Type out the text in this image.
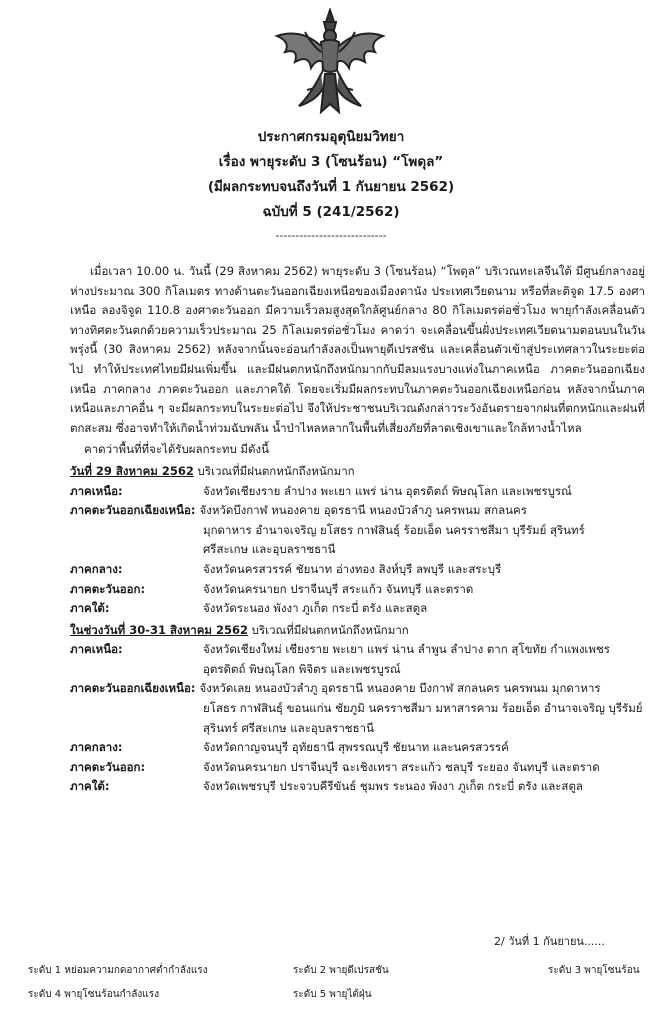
ประกาศกรมอุตุนิยมวิทยา
เรื่อง พายุระดับ 3 (โซนร้อน) “โพดุล”
(มีผลกระทบจนถึงวันที่ 1 กันยายน 2562)
ฉบับที่ 5 (241/2562)
----------------------------

เมื่อเวลา 10.00 น. วันนี้ (29 สิงหาคม 2562) พายุระดับ 3 (โซนร้อน) “โพดุล” บริเวณทะเลจีนใต้ มีศูนย์กลางอยู่ห่างประมาณ 300 กิโลเมตร ทางด้านตะวันออกเฉียงเหนือของเมืองดานัง ประเทศเวียดนาม หรือที่ละติจูด 17.5 องศาเหนือ ลองจิจูด 110.8 องศาตะวันออก มีความเร็วลมสูงสุดใกล้ศูนย์กลาง 80 กิโลเมตรต่อชั่วโมง พายุกำลังเคลื่อนตัวทางทิศตะวันตกด้วยความเร็วประมาณ 25 กิโลเมตรต่อชั่วโมง คาดว่า จะเคลื่อนขึ้นฝั่งประเทศเวียดนามตอนบนในวันพรุ่งนี้ (30 สิงหาคม 2562) หลังจากนั้นจะอ่อนกำลังลงเป็นพายุดีเปรสชัน และเคลื่อนตัวเข้าสู่ประเทศลาวในระยะต่อไป ทำให้ประเทศไทยมีฝนเพิ่มขึ้น และมีฝนตกหนักถึงหนักมากกับมีลมแรงบางแห่งในภาคเหนือ ภาคตะวันออกเฉียงเหนือ ภาคกลาง ภาคตะวันออก และภาคใต้ โดยจะเริ่มมีผลกระทบในภาคตะวันออกเฉียงเหนือก่อน หลังจากนั้นภาคเหนือและภาคอื่น ๆ จะมีผลกระทบในระยะต่อไป จึงให้ประชาชนบริเวณดังกล่าวระวังอันตรายจากฝนที่ตกหนักและฝนที่ตกสะสม ซึ่งอาจทำให้เกิดน้ำท่วมฉับพลัน น้ำป่าไหลหลากในพื้นที่เสี่ยงภัยที่ลาดเชิงเขาและใกล้ทางน้ำไหล

คาดว่าพื้นที่ที่จะได้รับผลกระทบ มีดังนี้
วันที่ 29 สิงหาคม 2562 บริเวณที่มีฝนตกหนักถึงหนักมาก
ภาคเหนือ:	จังหวัดเชียงราย ลำปาง พะเยา แพร่ น่าน อุตรดิตถ์ พิษณุโลก และเพชรบูรณ์
ภาคตะวันออกเฉียงเหนือ: จังหวัดบึงกาฬ หนองคาย อุดรธานี หนองบัวลำภู นครพนม สกลนคร
มุกดาหาร อำนาจเจริญ ยโสธร กาฬสินธุ์ ร้อยเอ็ด นครราชสีมา บุรีรัมย์ สุรินทร์
ศรีสะเกษ และอุบลราชธานี
ภาคกลาง:	จังหวัดนครสวรรค์ ชัยนาท อ่างทอง สิงห์บุรี ลพบุรี และสระบุรี
ภาคตะวันออก:	จังหวัดนครนายก ปราจีนบุรี สระแก้ว จันทบุรี และตราด
ภาคใต้:	จังหวัดระนอง พังงา ภูเก็ต กระบี่ ตรัง และสตูล
ในช่วงวันที่ 30-31 สิงหาคม 2562 บริเวณที่มีฝนตกหนักถึงหนักมาก
ภาคเหนือ:	จังหวัดเชียงใหม่ เชียงราย พะเยา แพร่ น่าน ลำพูน ลำปาง ตาก สุโขทัย กำแพงเพชร
อุตรดิตถ์ พิษณุโลก พิจิตร และเพชรบูรณ์
ภาคตะวันออกเฉียงเหนือ: จังหวัดเลย หนองบัวลำภู อุดรธานี หนองคาย บึงกาฬ สกลนคร นครพนม มุกดาหาร
ยโสธร กาฬสินธุ์ ขอนแก่น ชัยภูมิ นครราชสีมา มหาสารคาม ร้อยเอ็ด อำนาจเจริญ บุรีรัมย์
สุรินทร์ ศรีสะเกษ และอุบลราชธานี
ภาคกลาง:	จังหวัดกาญจนบุรี อุทัยธานี สุพรรณบุรี ชัยนาท และนครสวรรค์
ภาคตะวันออก:	จังหวัดนครนายก ปราจีนบุรี ฉะเชิงเทรา สระแก้ว ชลบุรี ระยอง จันทบุรี และตราด
ภาคใต้:	จังหวัดเพชรบุรี ประจวบคีรีขันธ์ ชุมพร ระนอง พังงา ภูเก็ต กระบี่ ตรัง และสตูล
2/ วันที่ 1 กันยายน......
ระดับ 1 หย่อมความกดอากาศต่ำกำลังแรง	ระดับ 2 พายุดีเปรสชัน	ระดับ 3 พายุโซนร้อน
ระดับ 4 พายุโซนร้อนกำลังแรง	ระดับ 5 พายุไต้ฝุ่น
